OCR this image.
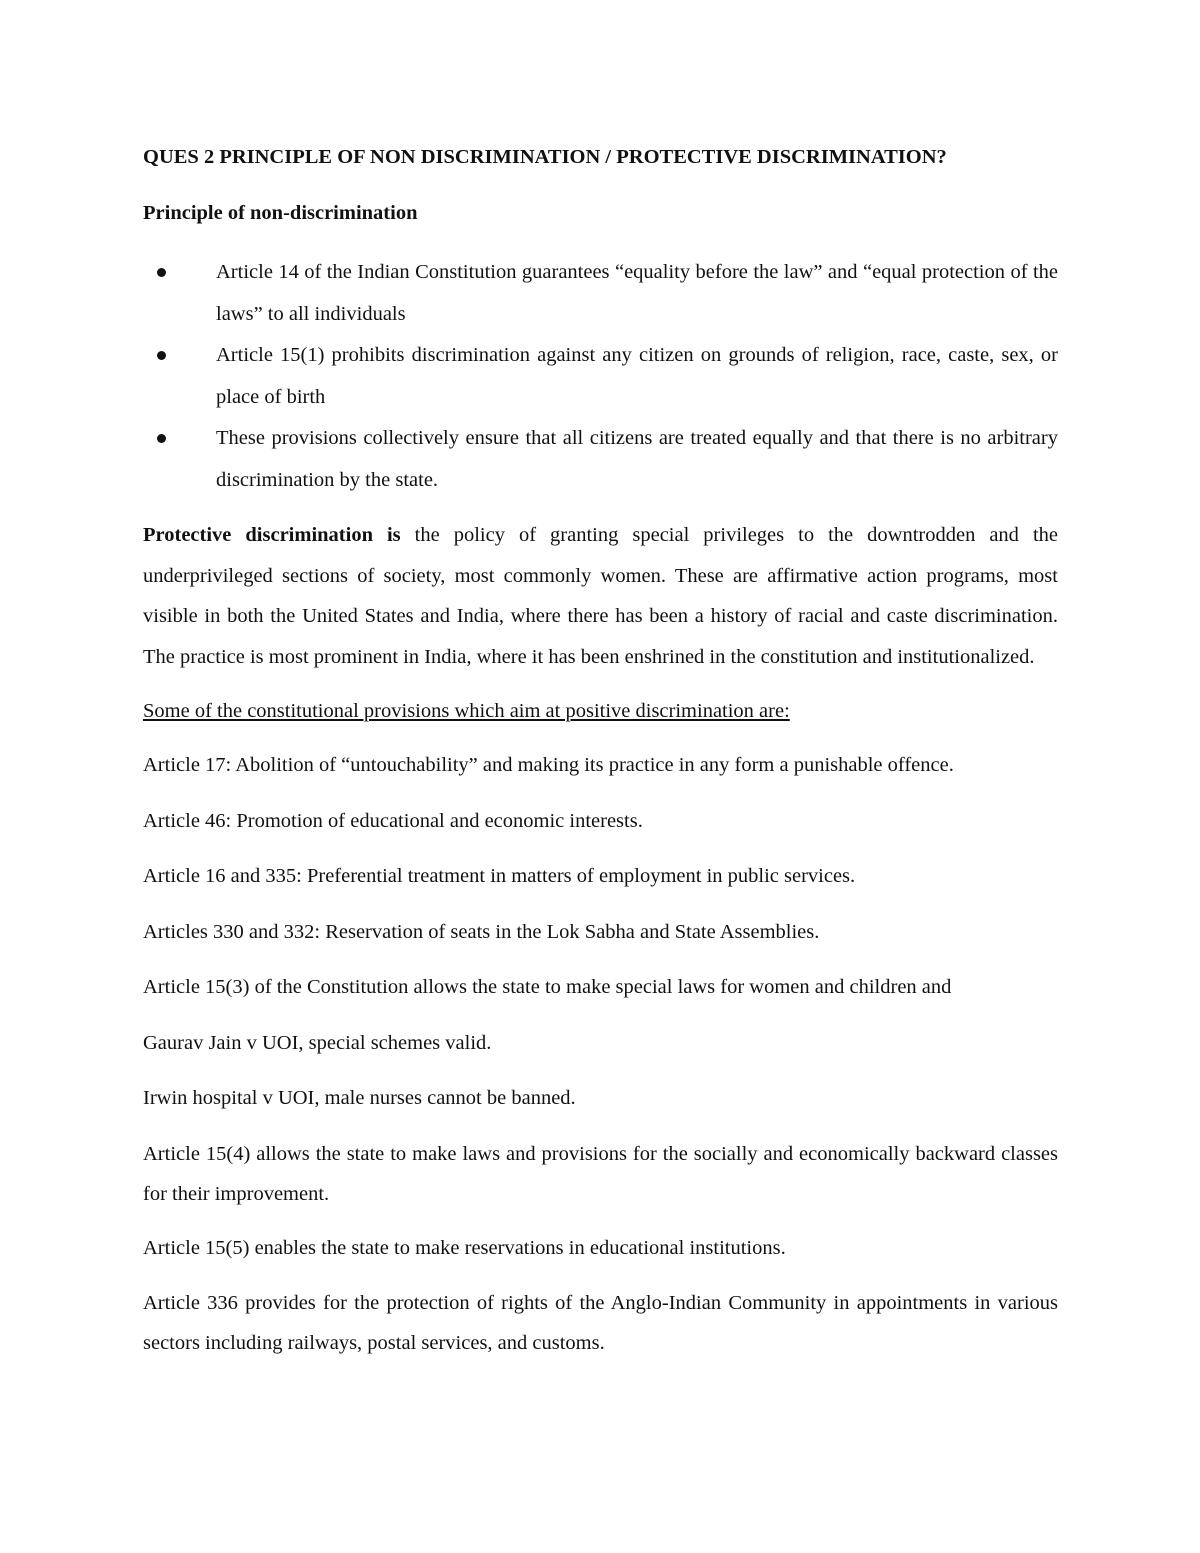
QUES 2 PRINCIPLE OF NON DISCRIMINATION / PROTECTIVE DISCRIMINATION?

Principle of non-discrimination

Article 14 of the Indian Constitution guarantees “equality before the law” and “equal protection of the laws” to all individuals
Article 15(1) prohibits discrimination against any citizen on grounds of religion, race, caste, sex, or place of birth
These provisions collectively ensure that all citizens are treated equally and that there is no arbitrary discrimination by the state.

Protective discrimination is the policy of granting special privileges to the downtrodden and the underprivileged sections of society, most commonly women. These are affirmative action programs, most visible in both the United States and India, where there has been a history of racial and caste discrimination. The practice is most prominent in India, where it has been enshrined in the constitution and institutionalized.

Some of the constitutional provisions which aim at positive discrimination are:

Article 17: Abolition of “untouchability” and making its practice in any form a punishable offence.

Article 46: Promotion of educational and economic interests.

Article 16 and 335: Preferential treatment in matters of employment in public services.

Articles 330 and 332: Reservation of seats in the Lok Sabha and State Assemblies.

Article 15(3) of the Constitution allows the state to make special laws for women and children and

Gaurav Jain v UOI, special schemes valid.

Irwin hospital v UOI, male nurses cannot be banned.

Article 15(4) allows the state to make laws and provisions for the socially and economically backward classes for their improvement.

Article 15(5) enables the state to make reservations in educational institutions.

Article 336 provides for the protection of rights of the Anglo-Indian Community in appointments in various sectors including railways, postal services, and customs.
